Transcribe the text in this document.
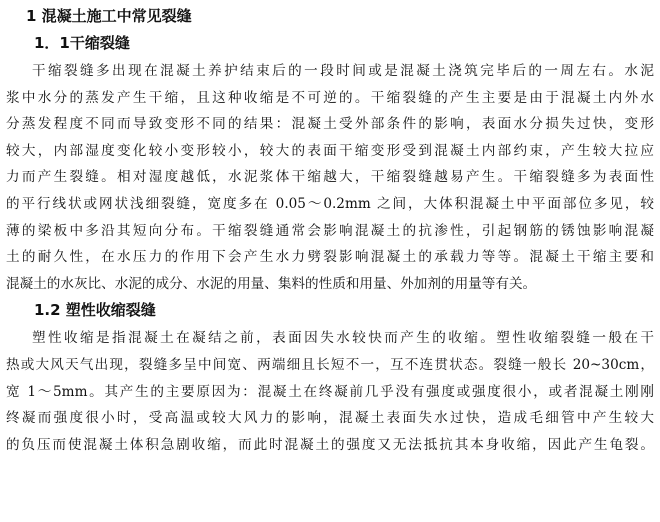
1 混凝土施工中常见裂缝
1．1干缩裂缝
干缩裂缝多出现在混凝土养护结束后的一段时间或是混凝土浇筑完毕后的一周左右。水泥
浆中水分的蒸发产生干缩，且这种收缩是不可逆的。干缩裂缝的产生主要是由于混凝土内外水
分蒸发程度不同而导致变形不同的结果：混凝土受外部条件的影响，表面水分损失过快，变形
较大，内部湿度变化较小变形较小，较大的表面干缩变形受到混凝土内部约束，产生较大拉应
力而产生裂缝。相对湿度越低，水泥浆体干缩越大，干缩裂缝越易产生。干缩裂缝多为表面性
的平行线状或网状浅细裂缝，宽度多在 0.05～0.2mm 之间，大体积混凝土中平面部位多见，较
薄的梁板中多沿其短向分布。干缩裂缝通常会影响混凝土的抗渗性，引起钢筋的锈蚀影响混凝
土的耐久性，在水压力的作用下会产生水力劈裂影响混凝土的承载力等等。混凝土干缩主要和
混凝土的水灰比、水泥的成分、水泥的用量、集料的性质和用量、外加剂的用量等有关。
1.2 塑性收缩裂缝
塑性收缩是指混凝土在凝结之前，表面因失水较快而产生的收缩。塑性收缩裂缝一般在干
热或大风天气出现，裂缝多呈中间宽、两端细且长短不一，互不连贯状态。裂缝一般长 20~30cm，
宽 1～5mm。其产生的主要原因为：混凝土在终凝前几乎没有强度或强度很小，或者混凝土刚刚
终凝而强度很小时，受高温或较大风力的影响，混凝土表面失水过快，造成毛细管中产生较大
的负压而使混凝土体积急剧收缩，而此时混凝土的强度又无法抵抗其本身收缩，因此产生龟裂。
